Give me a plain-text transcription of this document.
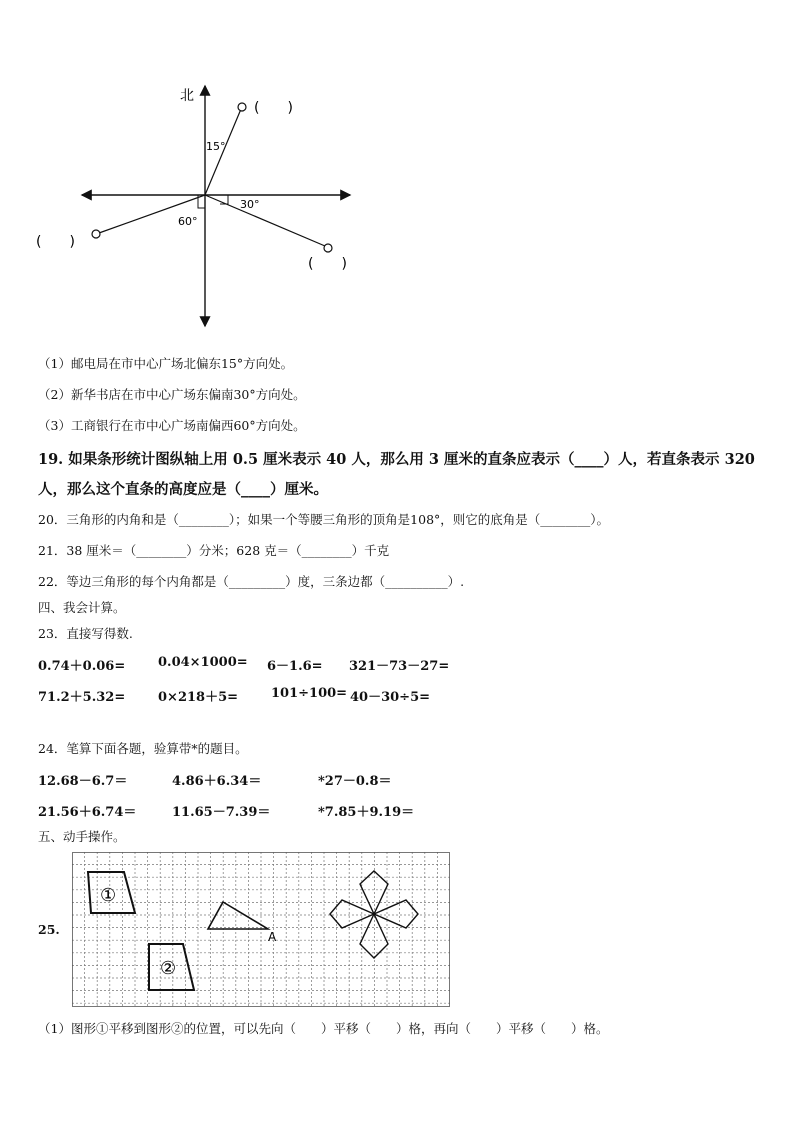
北
15°
30°
60°
(　　)
(　　)
(　　)
（1）邮电局在市中心广场北偏东15°方向处。
（2）新华书店在市中心广场东偏南30°方向处。
（3）工商银行在市中心广场南偏西60°方向处。
19. 如果条形统计图纵轴上用 0.5 厘米表示 40 人，那么用 3 厘米的直条应表示（____）人，若直条表示 320
人，那么这个直条的高度应是（____）厘米。
20．三角形的内角和是（________）；如果一个等腰三角形的顶角是108°，则它的底角是（________）。
21．38 厘米＝（________）分米；628 克＝（________）千克
22．等边三角形的每个内角都是（_________）度，三条边都（__________）.
四、我会计算。
23．直接写得数.
0.74＋0.06=	0.04×1000= 6－1.6= 321－73－27=
71.2＋5.32=	0×218＋5=	101÷100= 40－30÷5=
24．笔算下面各题，验算带*的题目。
12.68－6.7＝	4.86＋6.34＝	*27－0.8＝
21.56＋6.74＝	11.65－7.39＝	*7.85＋9.19＝
五、动手操作。
25.
①
A
②
（1）图形①平移到图形②的位置，可以先向（　　）平移（　　）格，再向（　　）平移（　　）格。
